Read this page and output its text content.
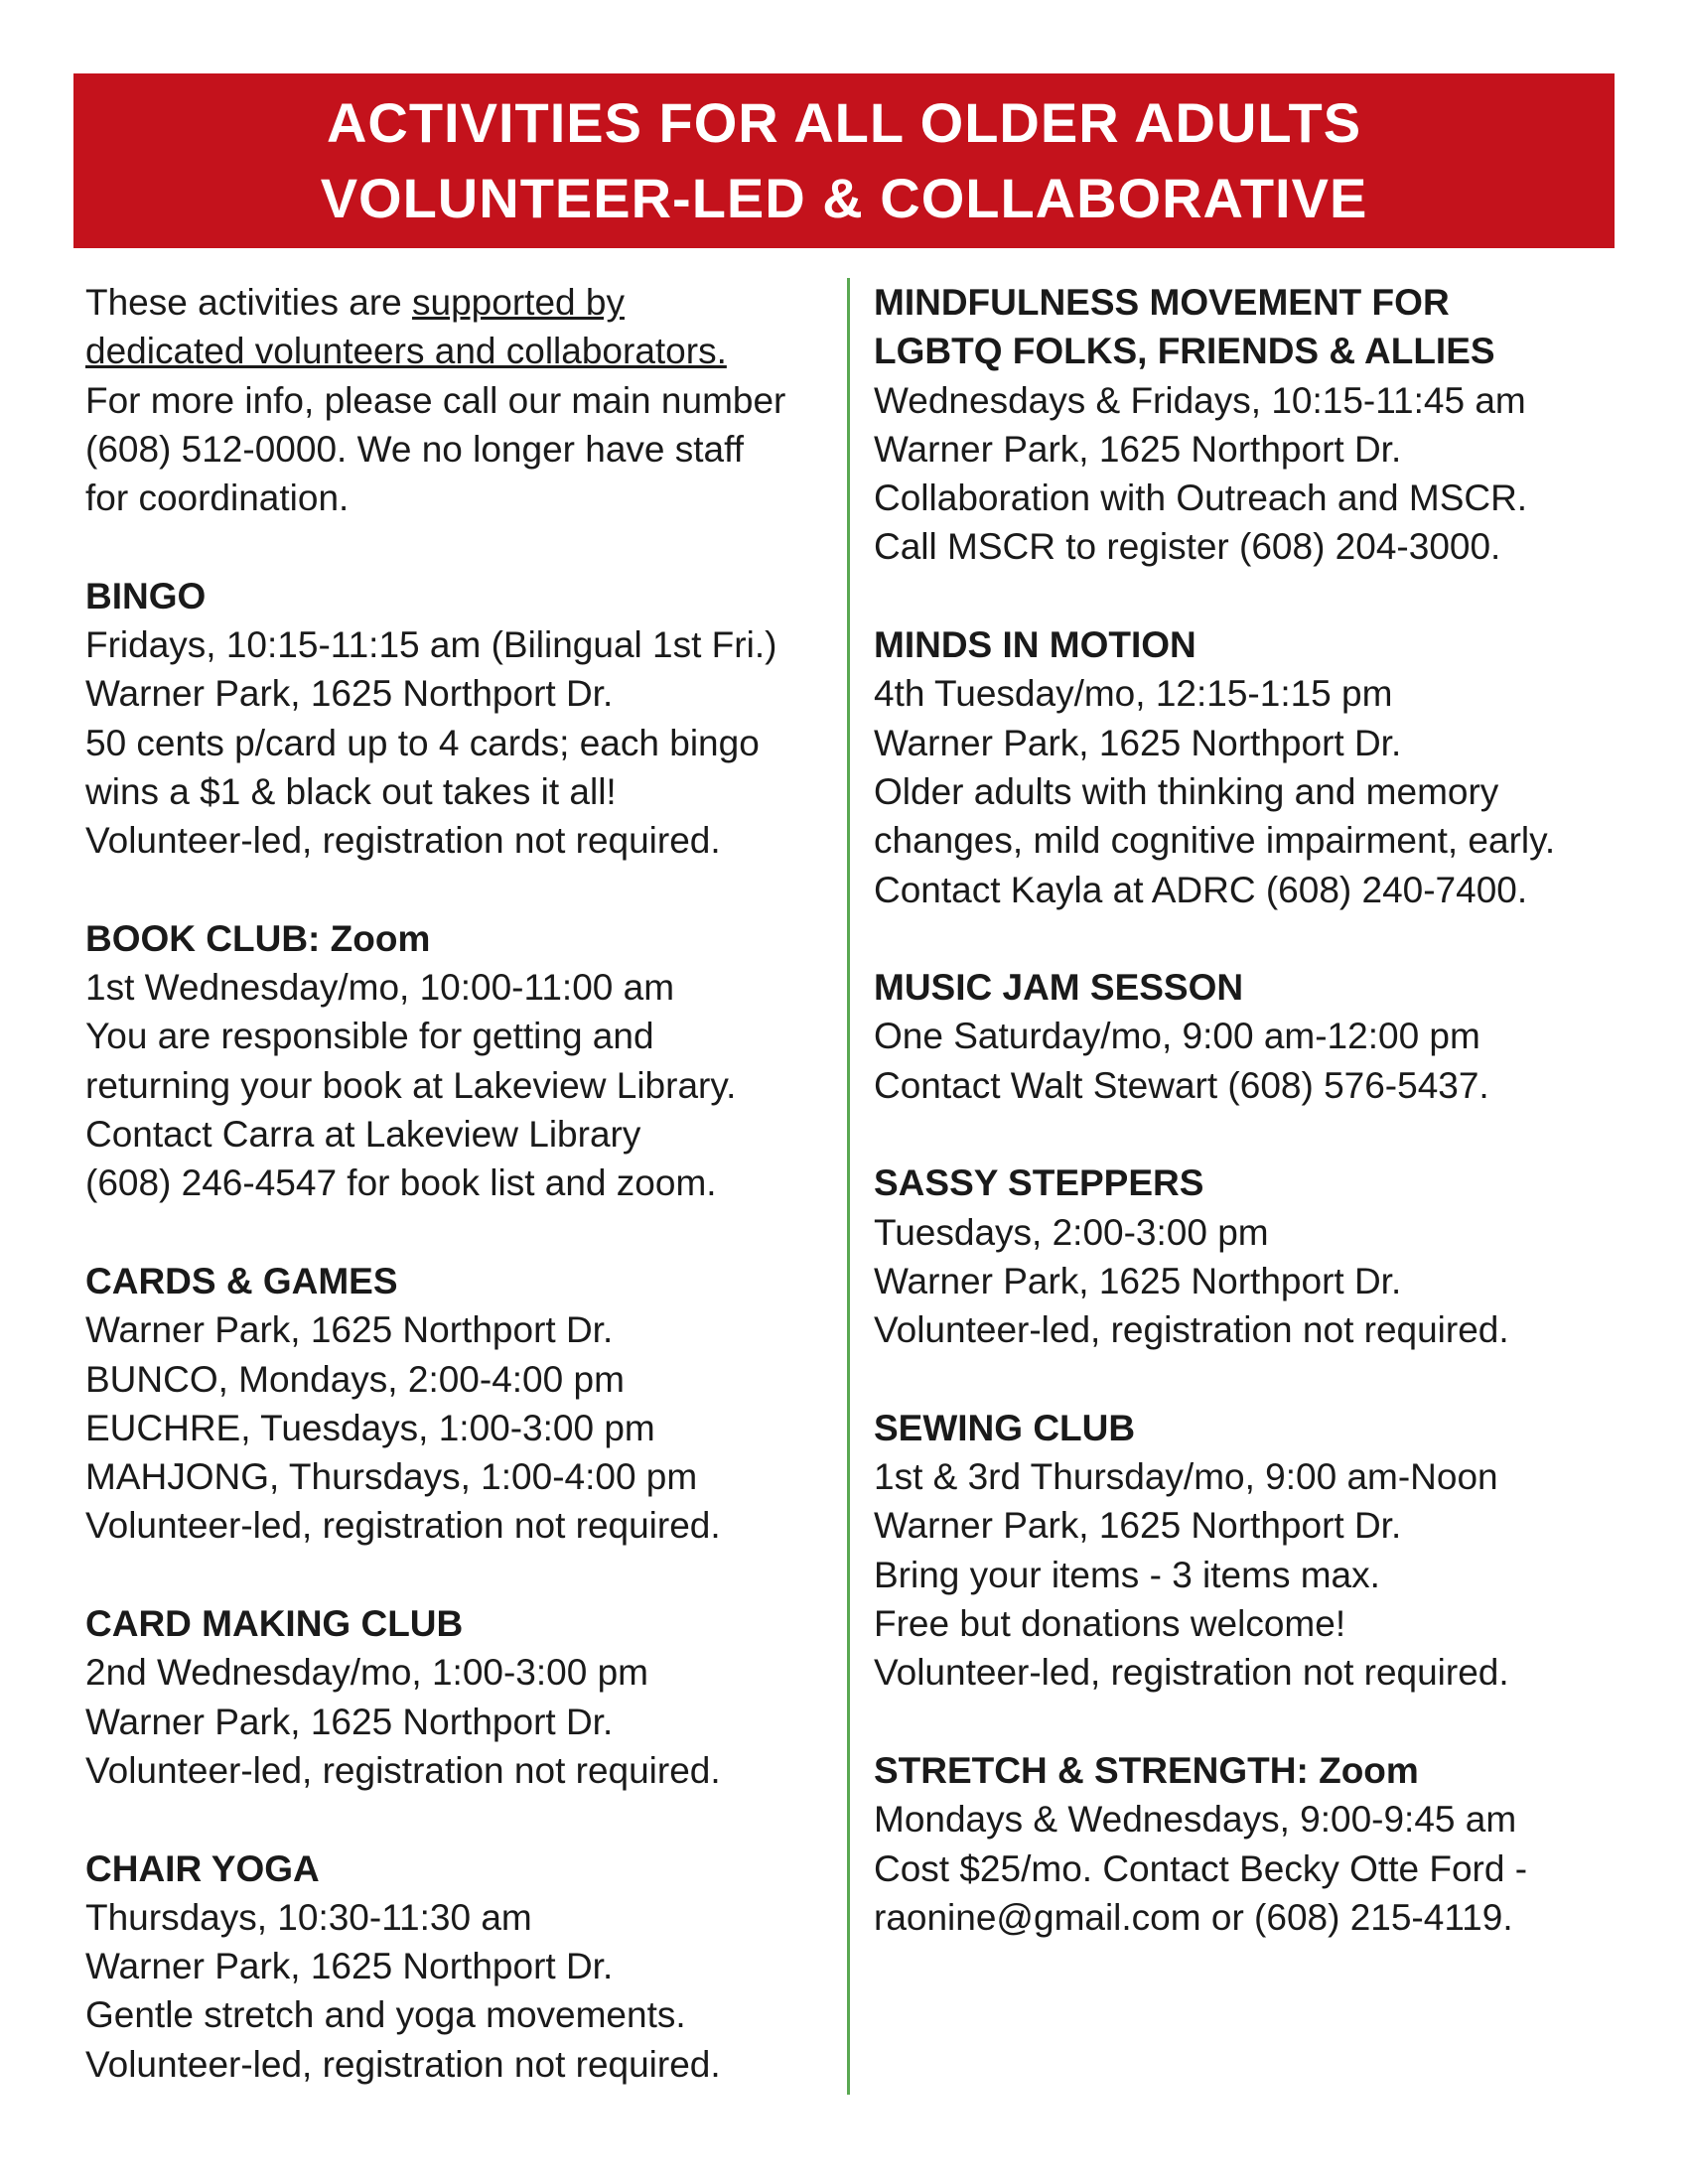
ACTIVITIES FOR ALL OLDER ADULTS
VOLUNTEER-LED & COLLABORATIVE
These activities are supported by
dedicated volunteers and collaborators.
For more info, please call our main number
(608) 512-0000. We no longer have staff
for coordination.
BINGO
Fridays, 10:15-11:15 am (Bilingual 1st Fri.)
Warner Park, 1625 Northport Dr.
50 cents p/card up to 4 cards; each bingo
wins a $1 & black out takes it all!
Volunteer-led, registration not required.
BOOK CLUB: Zoom
1st Wednesday/mo, 10:00-11:00 am
You are responsible for getting and
returning your book at Lakeview Library.
Contact Carra at Lakeview Library
(608) 246-4547 for book list and zoom.
CARDS & GAMES
Warner Park, 1625 Northport Dr.
BUNCO, Mondays, 2:00-4:00 pm
EUCHRE, Tuesdays, 1:00-3:00 pm
MAHJONG, Thursdays, 1:00-4:00 pm
Volunteer-led, registration not required.
CARD MAKING CLUB
2nd Wednesday/mo, 1:00-3:00 pm
Warner Park, 1625 Northport Dr.
Volunteer-led, registration not required.
CHAIR YOGA
Thursdays, 10:30-11:30 am
Warner Park, 1625 Northport Dr.
Gentle stretch and yoga movements.
Volunteer-led, registration not required.
MINDFULNESS MOVEMENT FOR
LGBTQ FOLKS, FRIENDS & ALLIES
Wednesdays & Fridays, 10:15-11:45 am
Warner Park, 1625 Northport Dr.
Collaboration with Outreach and MSCR.
Call MSCR to register (608) 204-3000.
MINDS IN MOTION
4th Tuesday/mo, 12:15-1:15 pm
Warner Park, 1625 Northport Dr.
Older adults with thinking and memory
changes, mild cognitive impairment, early.
Contact Kayla at ADRC (608) 240-7400.
MUSIC JAM SESSON
One Saturday/mo, 9:00 am-12:00 pm
Contact Walt Stewart (608) 576-5437.
SASSY STEPPERS
Tuesdays, 2:00-3:00 pm
Warner Park, 1625 Northport Dr.
Volunteer-led, registration not required.
SEWING CLUB
1st & 3rd Thursday/mo, 9:00 am-Noon
Warner Park, 1625 Northport Dr.
Bring your items - 3 items max.
Free but donations welcome!
Volunteer-led, registration not required.
STRETCH & STRENGTH: Zoom
Mondays & Wednesdays, 9:00-9:45 am
Cost $25/mo. Contact Becky Otte Ford -
raonine@gmail.com or (608) 215-4119.
